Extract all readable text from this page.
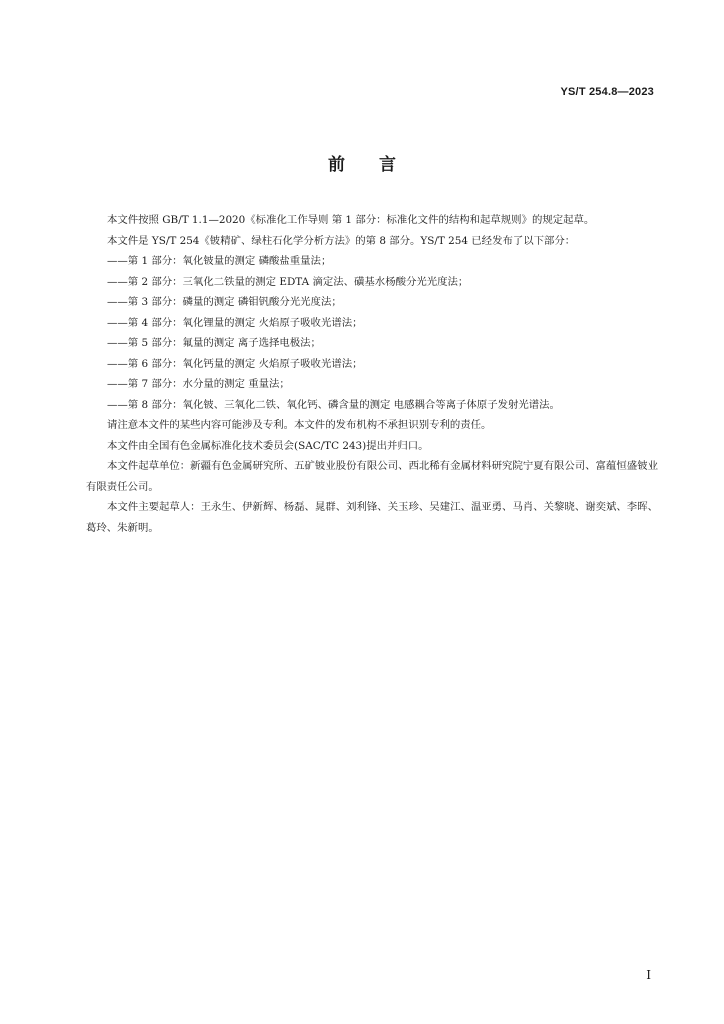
YS/T 254.8—2023
前 言

本文件按照 GB/T 1.1—2020《标准化工作导则 第 1 部分：标准化文件的结构和起草规则》的规定起草。

本文件是 YS/T 254《铍精矿、绿柱石化学分析方法》的第 8 部分。YS/T 254 已经发布了以下部分：

——第 1 部分：氧化铍量的测定 磷酸盐重量法；

——第 2 部分：三氧化二铁量的测定 EDTA 滴定法、磺基水杨酸分光光度法；

——第 3 部分：磷量的测定 磷钼钒酸分光光度法；

——第 4 部分：氧化锂量的测定 火焰原子吸收光谱法；

——第 5 部分：氟量的测定 离子选择电极法；

——第 6 部分：氧化钙量的测定 火焰原子吸收光谱法；

——第 7 部分：水分量的测定 重量法；

——第 8 部分：氧化铍、三氧化二铁、氧化钙、磷含量的测定 电感耦合等离子体原子发射光谱法。

请注意本文件的某些内容可能涉及专利。本文件的发布机构不承担识别专利的责任。

本文件由全国有色金属标准化技术委员会(SAC/TC 243)提出并归口。

本文件起草单位：新疆有色金属研究所、五矿铍业股份有限公司、西北稀有金属材料研究院宁夏有限公司、富蕴恒盛铍业有限责任公司。

本文件主要起草人：王永生、伊新辉、杨磊、晁群、刘利锋、关玉珍、吴建江、温亚勇、马肖、关黎晓、谢奕斌、李晖、葛玲、朱新明。

I
